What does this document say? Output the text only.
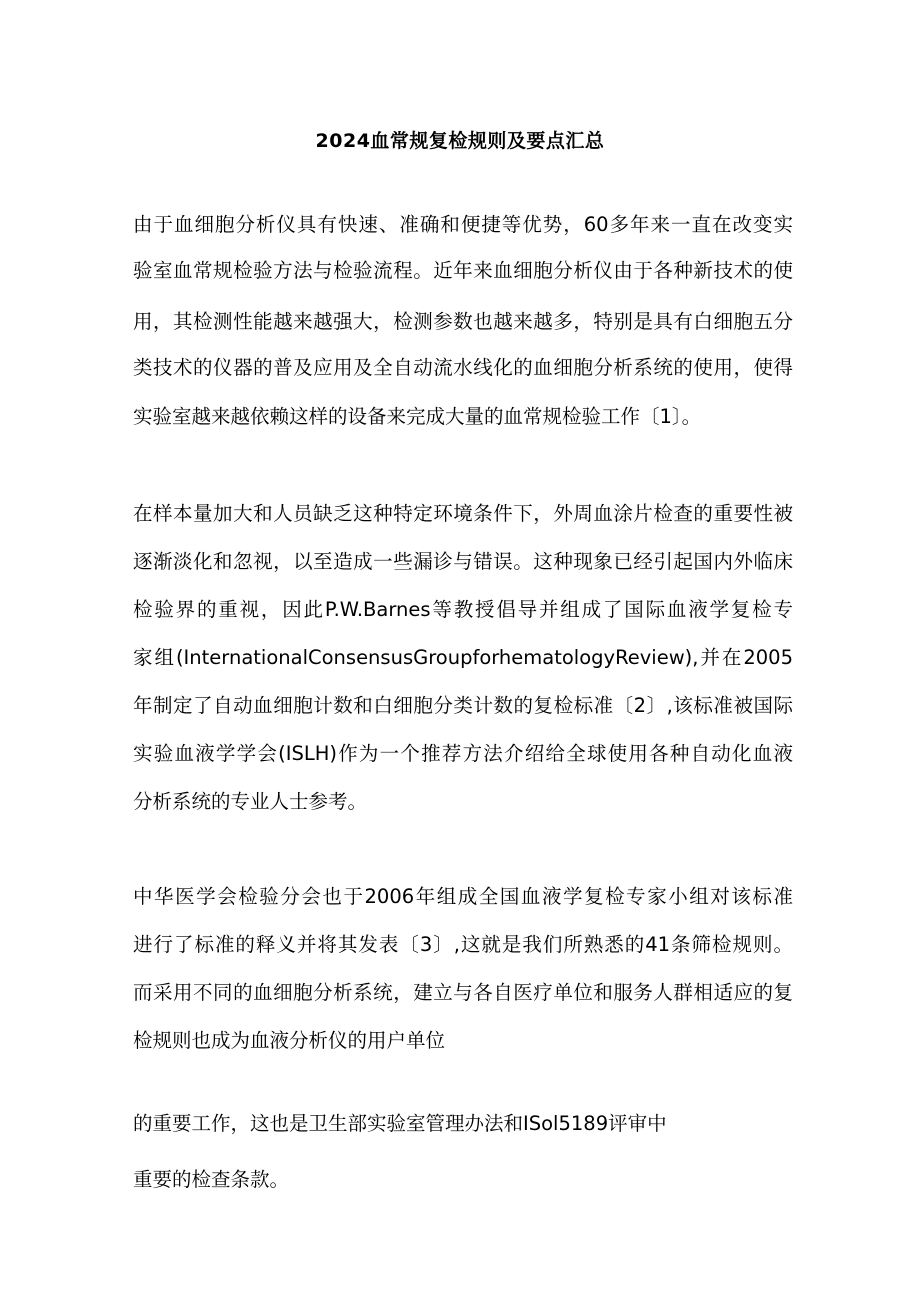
2024血常规复检规则及要点汇总
由于血细胞分析仪具有快速、准确和便捷等优势，60多年来一直在改变实
验室血常规检验方法与检验流程。近年来血细胞分析仪由于各种新技术的使
用，其检测性能越来越强大，检测参数也越来越多，特别是具有白细胞五分
类技术的仪器的普及应用及全自动流水线化的血细胞分析系统的使用，使得
实验室越来越依赖这样的设备来完成大量的血常规检验工作〔1〕。
在样本量加大和人员缺乏这种特定环境条件下，外周血涂片检查的重要性被
逐渐淡化和忽视，以至造成一些漏诊与错误。这种现象已经引起国内外临床
检验界的重视，因此P.W.Barnes等教授倡导并组成了国际血液学复检专
家组(InternationalConsensusGroupforhematologyReview),并在2005
年制定了自动血细胞计数和白细胞分类计数的复检标准〔2〕,该标准被国际
实验血液学学会(ISLH)作为一个推荐方法介绍给全球使用各种自动化血液
分析系统的专业人士参考。
中华医学会检验分会也于2006年组成全国血液学复检专家小组对该标准
进行了标准的释义并将其发表〔3〕,这就是我们所熟悉的41条筛检规则。
而采用不同的血细胞分析系统，建立与各自医疗单位和服务人群相适应的复
检规则也成为血液分析仪的用户单位
的重要工作，这也是卫生部实验室管理办法和ISol5189评审中
重要的检查条款。
